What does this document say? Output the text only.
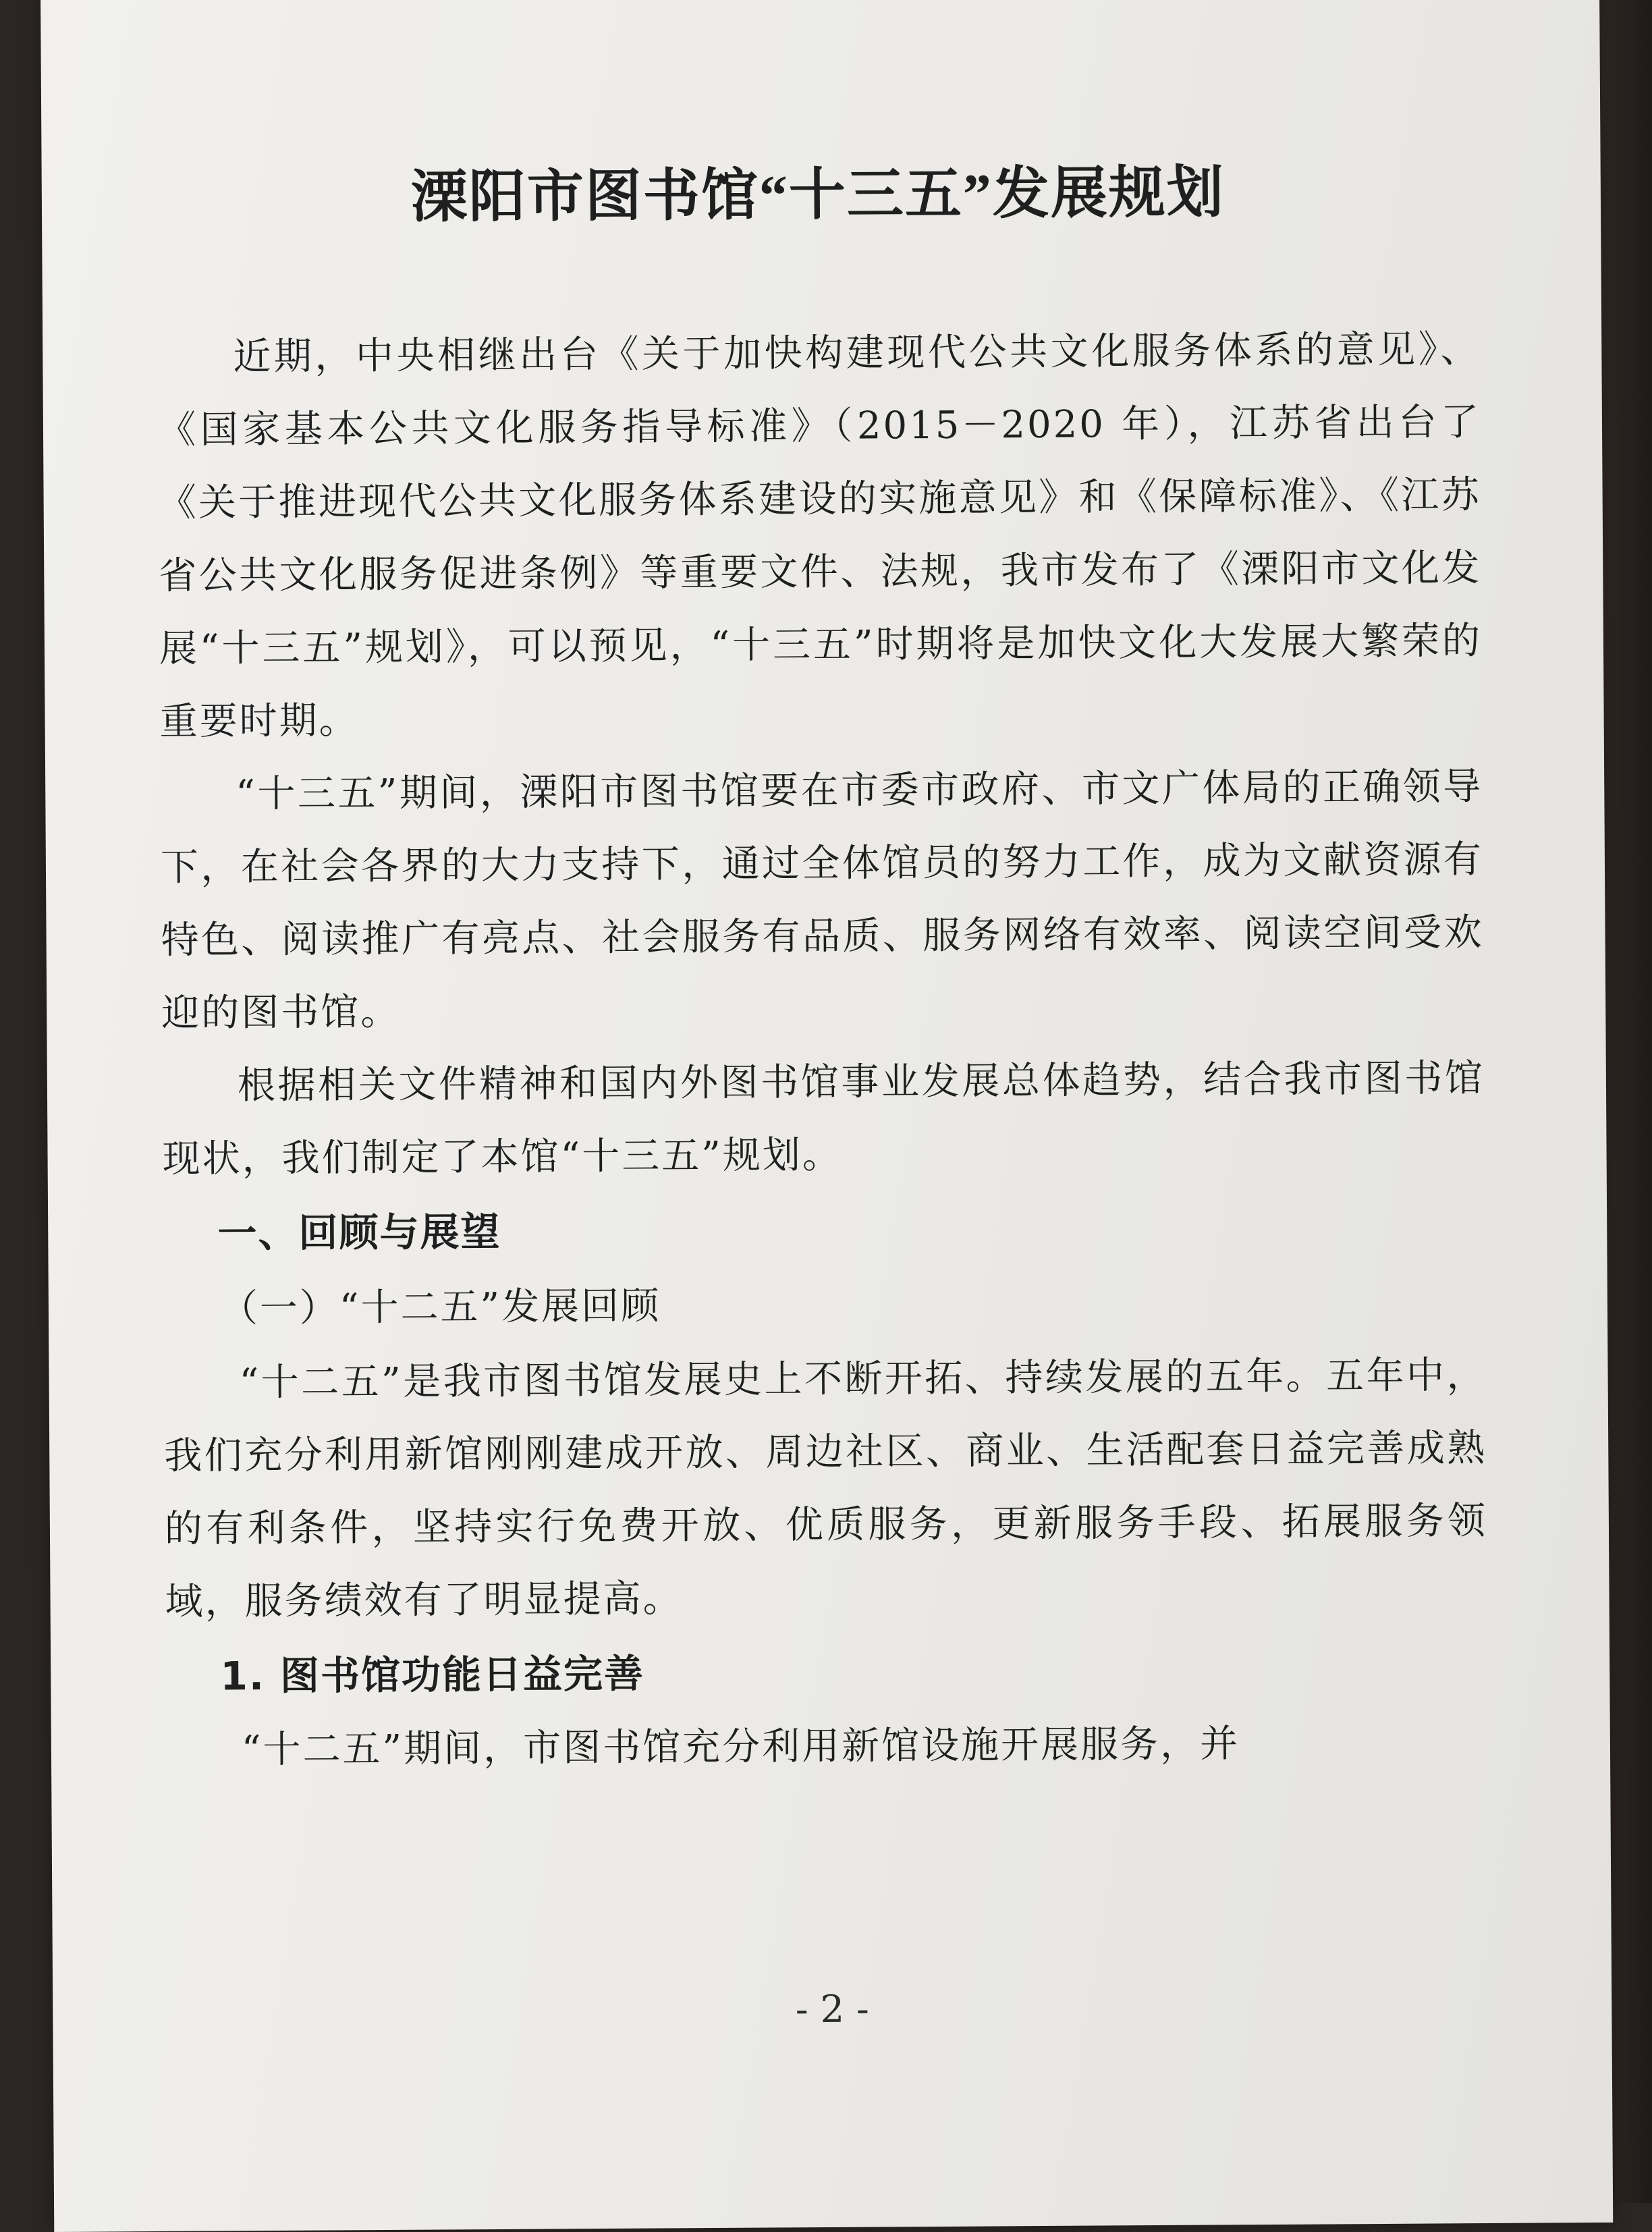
溧阳市图书馆“十三五”发展规划

近期，中央相继出台《关于加快构建现代公共文化服务体系的意见》、《国家基本公共文化服务指导标准》（2015－2020 年），江苏省出台了《关于推进现代公共文化服务体系建设的实施意见》和《保障标准》、《江苏省公共文化服务促进条例》等重要文件、法规，我市发布了《溧阳市文化发展“十三五”规划》，可以预见，“十三五”时期将是加快文化大发展大繁荣的重要时期。

“十三五”期间，溧阳市图书馆要在市委市政府、市文广体局的正确领导下，在社会各界的大力支持下，通过全体馆员的努力工作，成为文献资源有特色、阅读推广有亮点、社会服务有品质、服务网络有效率、阅读空间受欢迎的图书馆。

根据相关文件精神和国内外图书馆事业发展总体趋势，结合我市图书馆现状，我们制定了本馆“十三五”规划。

一、回顾与展望

（一）“十二五”发展回顾

“十二五”是我市图书馆发展史上不断开拓、持续发展的五年。五年中，我们充分利用新馆刚刚建成开放、周边社区、商业、生活配套日益完善成熟的有利条件，坚持实行免费开放、优质服务，更新服务手段、拓展服务领域，服务绩效有了明显提高。

1. 图书馆功能日益完善

“十二五”期间，市图书馆充分利用新馆设施开展服务，并

- 2 -
